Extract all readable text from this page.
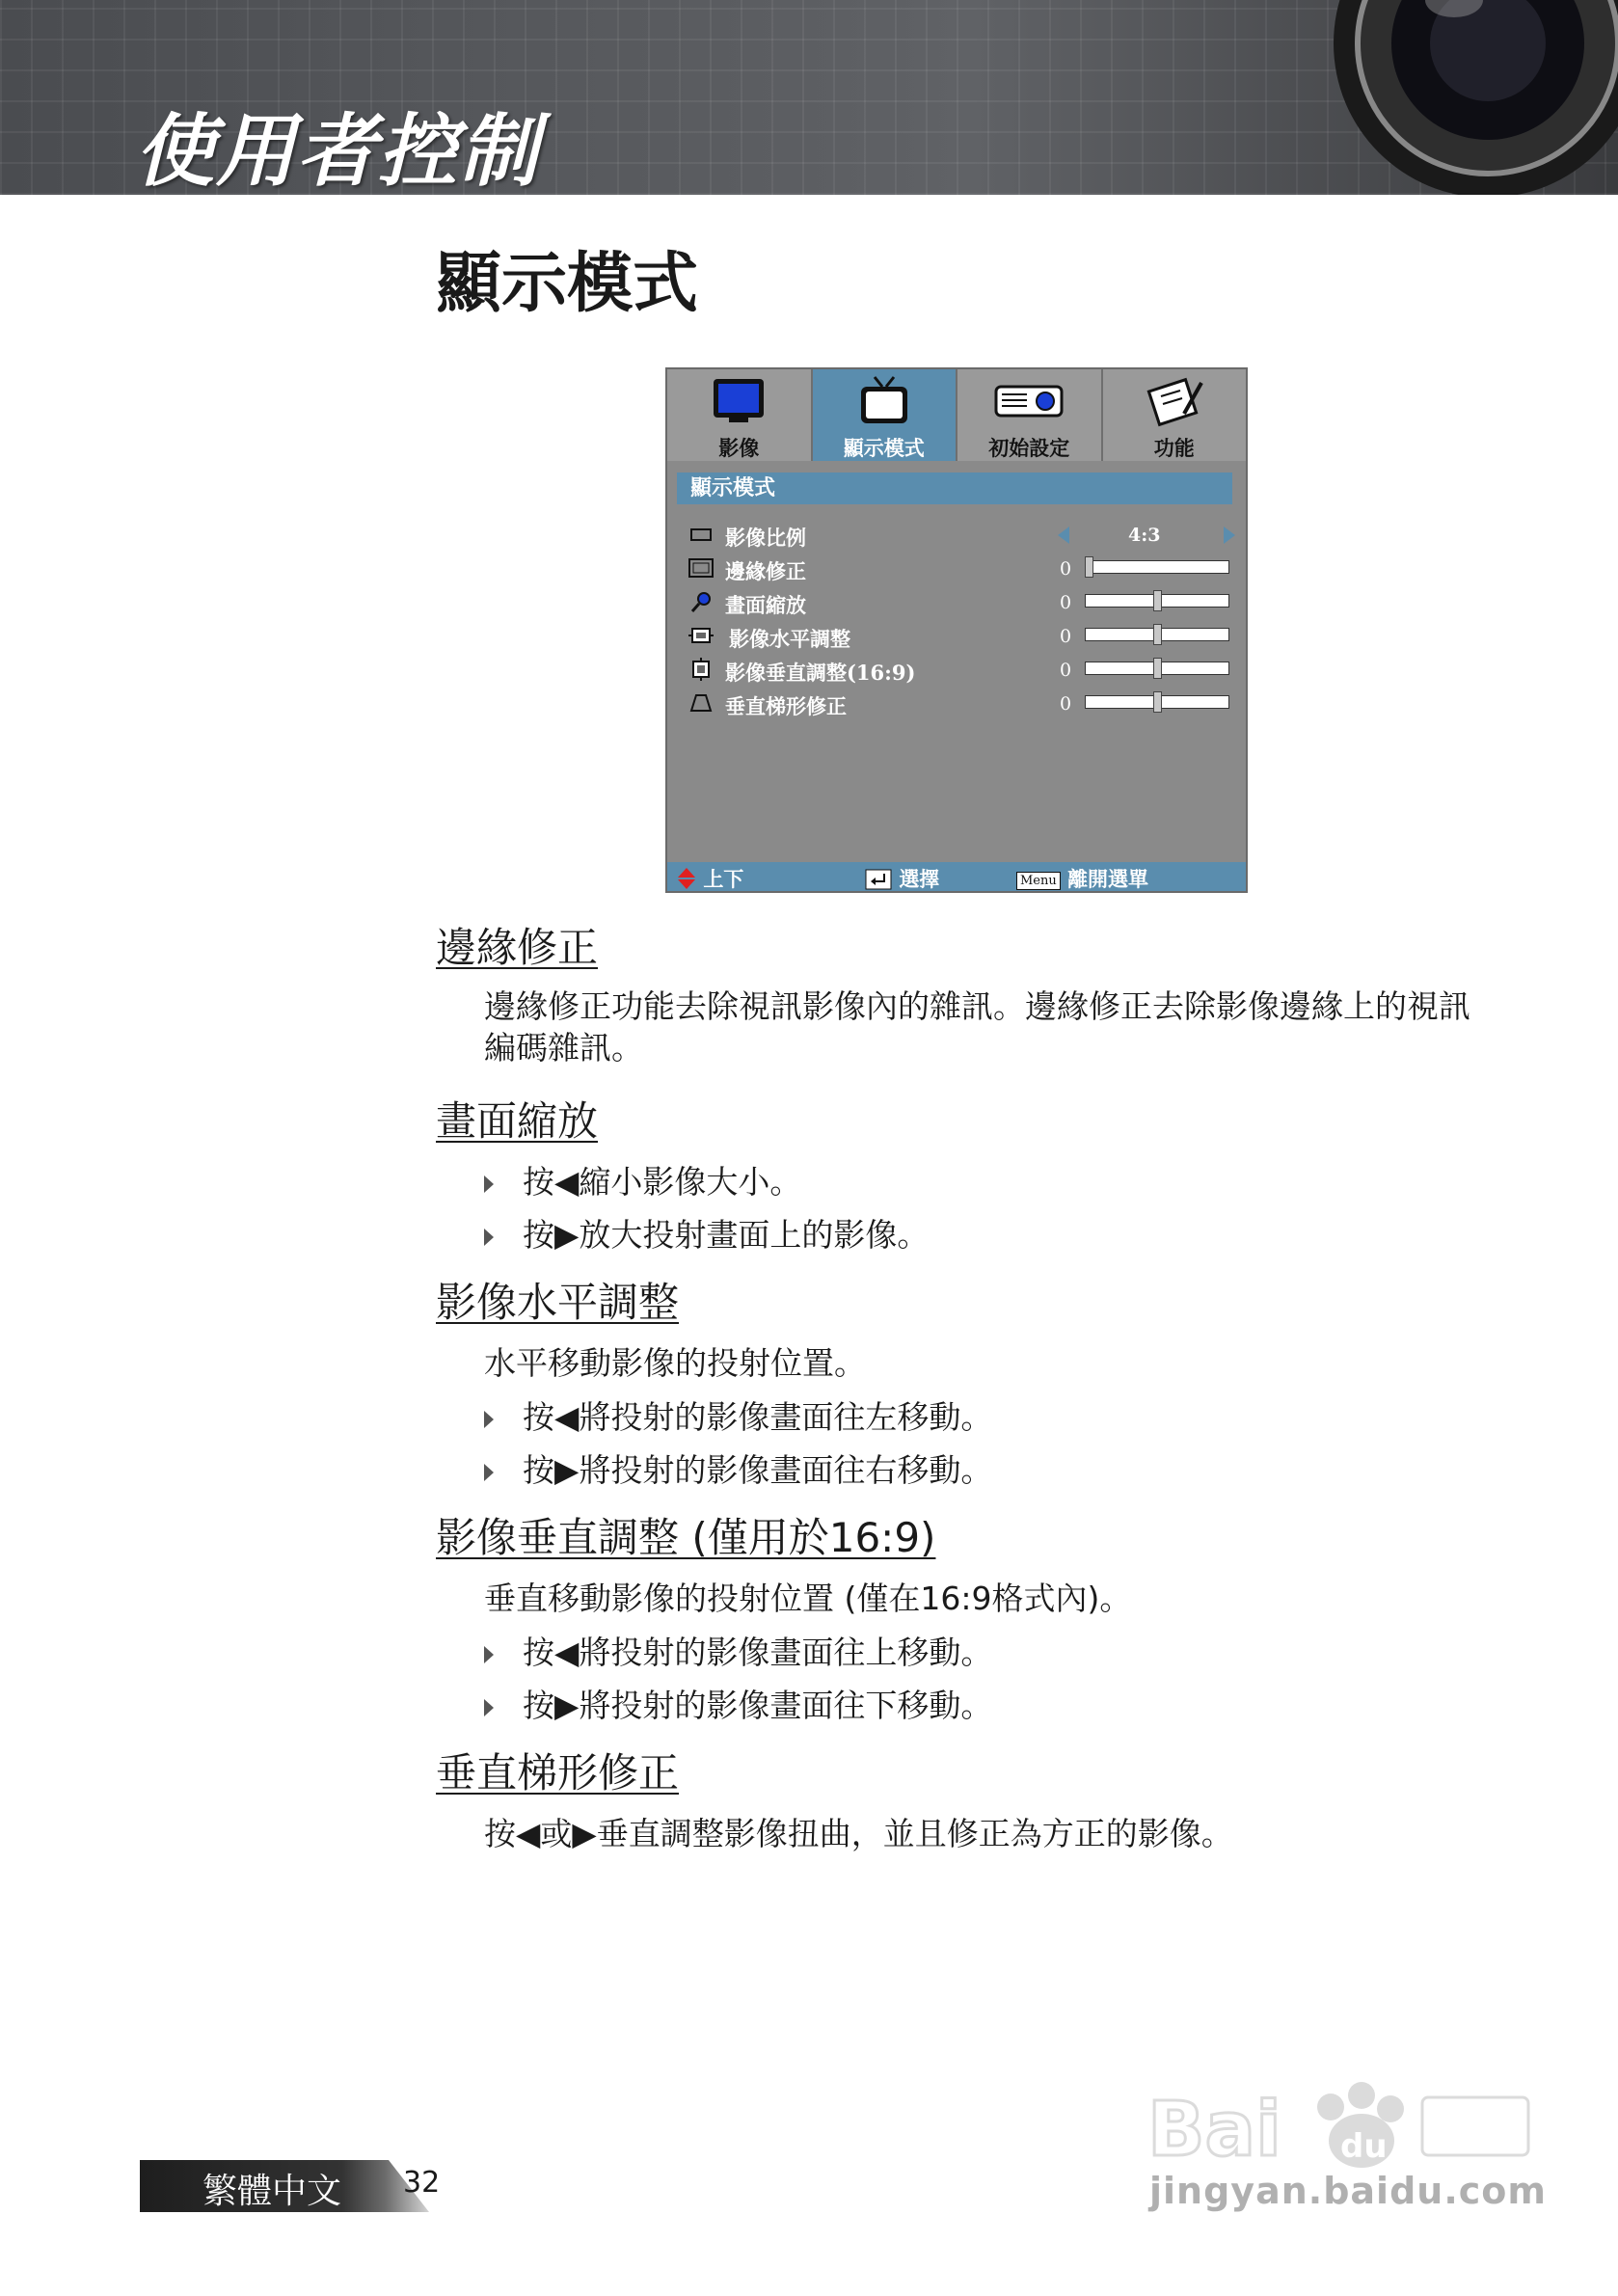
使用者控制
顯示模式
影像	顯示模式	初始設定	功能
顯示模式
影像比例	4:3
邊緣修正	0
畫面縮放	0
影像水平調整	0
影像垂直調整(16:9)	0
垂直梯形修正	0
上下	選擇	Menu 離開選單
邊緣修正
邊緣修正功能去除視訊影像內的雜訊。邊緣修正去除影像邊緣上的視訊編碼雜訊。
畫面縮放
按◀縮小影像大小。
按▶放大投射畫面上的影像。
影像水平調整
水平移動影像的投射位置。
按◀將投射的影像畫面往左移動。
按▶將投射的影像畫面往右移動。
影像垂直調整 (僅用於16:9)
垂直移動影像的投射位置 (僅在16:9格式內)。
按◀將投射的影像畫面往上移動。
按▶將投射的影像畫面往下移動。
垂直梯形修正
按◀或▶垂直調整影像扭曲，並且修正為方正的影像。
繁體中文 32
Bai du
jingyan.baidu.com
